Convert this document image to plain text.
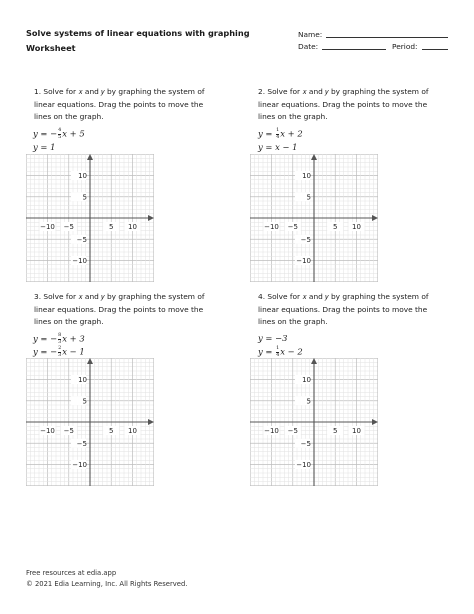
Solve systems of linear equations with graphing Worksheet
Name:
Date:	Period:
1. Solve for 𝑥 and 𝑦 by graphing the system of linear equations. Drag the points to move the lines on the graph.
y = − $\frac{4}{5}$ x + 5
y = 1
−10 −5	5 10
10
5
−5
−10
2. Solve for 𝑥 and 𝑦 by graphing the system of linear equations. Drag the points to move the lines on the graph.
$y = \frac{1}{4}$ x + 2
y = x − 1
−10 −5	5 10
10
5
−5
−10
3. Solve for 𝑥 and 𝑦 by graphing the system of linear equations. Drag the points to move the lines on the graph.
y = − $\frac{8}{3}$ x + 3
y = − $\frac{2}{3}$ x − 1
−10 −5	5 10
10
5
−5
−10
4. Solve for 𝑥 and 𝑦 by graphing the system of linear equations. Drag the points to move the lines on the graph.
y = −3
$y = \frac{1}{4}$ x − 2
−10 −5	5 10
10
5
−5
−10
Free resources at edia.app
© 2021 Edia Learning, Inc. All Rights Reserved.
